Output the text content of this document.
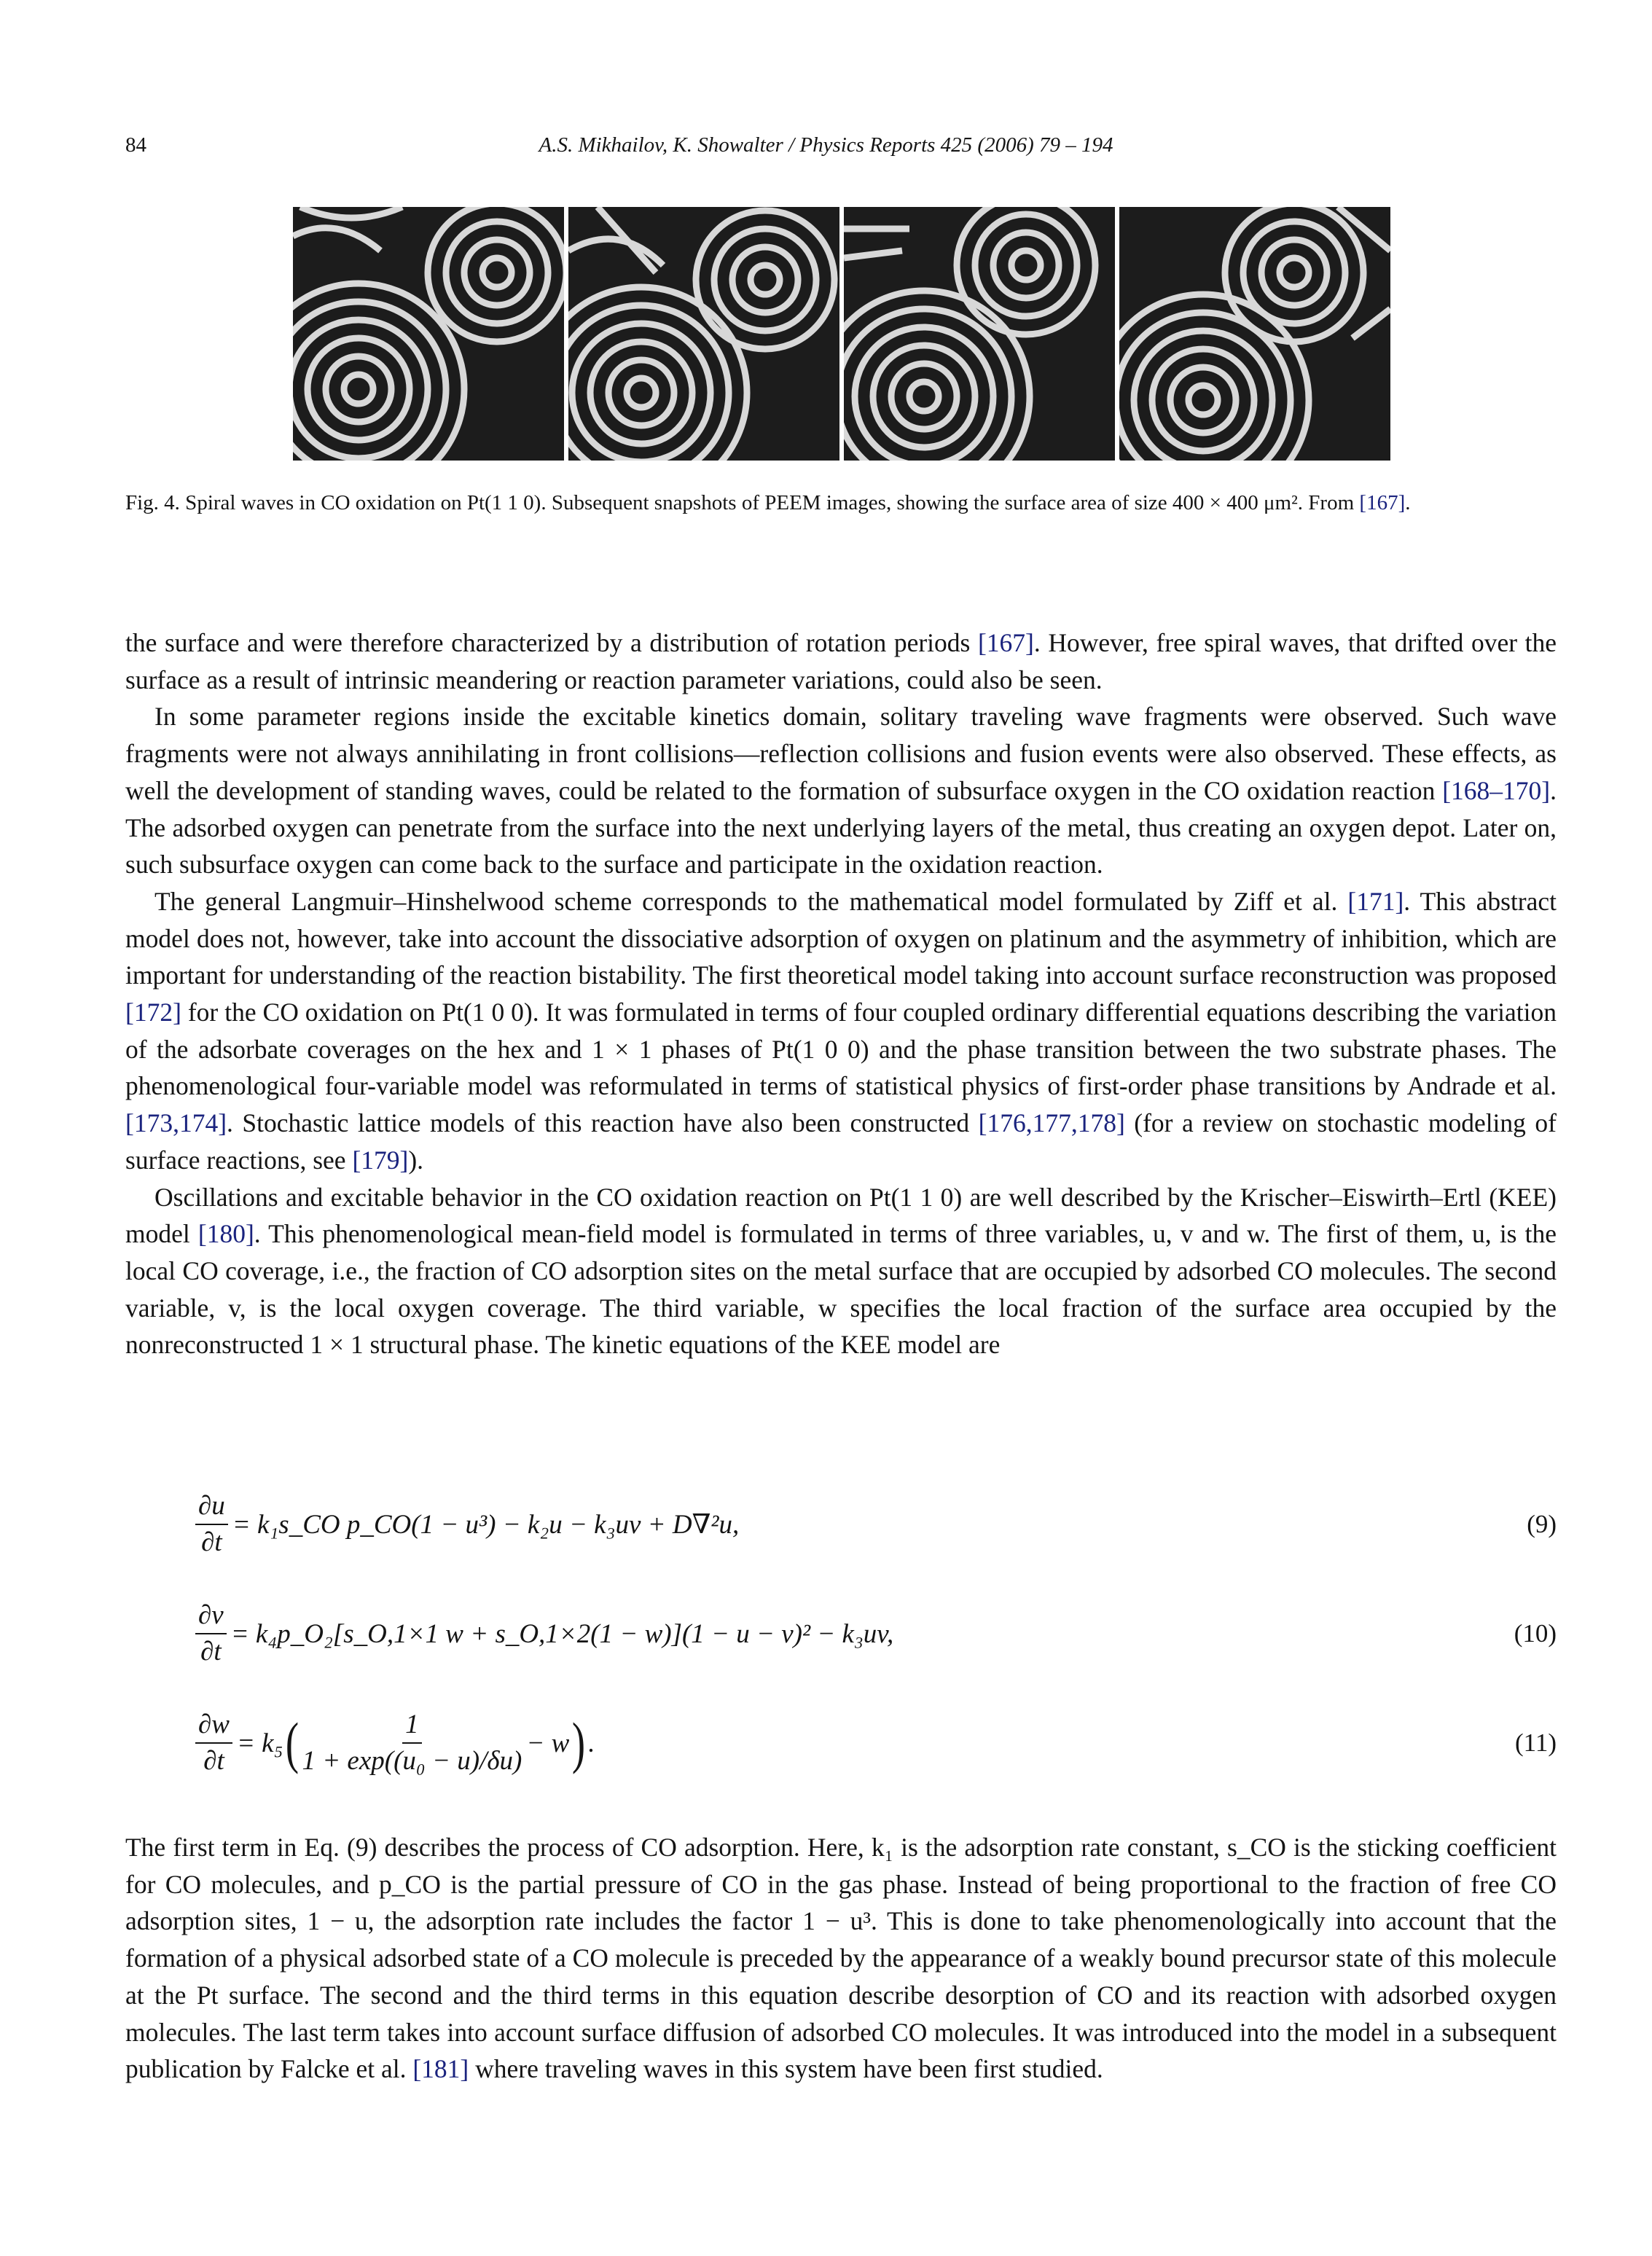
84	A.S. Mikhailov, K. Showalter / Physics Reports 425 (2006) 79 – 194
Fig. 4. Spiral waves in CO oxidation on Pt(1 1 0). Subsequent snapshots of PEEM images, showing the surface area of size 400 × 400 μm². From [167].

the surface and were therefore characterized by a distribution of rotation periods [167]. However, free spiral waves, that drifted over the surface as a result of intrinsic meandering or reaction parameter variations, could also be seen.

In some parameter regions inside the excitable kinetics domain, solitary traveling wave fragments were observed. Such wave fragments were not always annihilating in front collisions—reflection collisions and fusion events were also observed. These effects, as well the development of standing waves, could be related to the formation of subsurface oxygen in the CO oxidation reaction [168–170]. The adsorbed oxygen can penetrate from the surface into the next underlying layers of the metal, thus creating an oxygen depot. Later on, such subsurface oxygen can come back to the surface and participate in the oxidation reaction.

The general Langmuir–Hinshelwood scheme corresponds to the mathematical model formulated by Ziff et al. [171]. This abstract model does not, however, take into account the dissociative adsorption of oxygen on platinum and the asymmetry of inhibition, which are important for understanding of the reaction bistability. The first theoretical model taking into account surface reconstruction was proposed [172] for the CO oxidation on Pt(1 0 0). It was formulated in terms of four coupled ordinary differential equations describing the variation of the adsorbate coverages on the hex and 1 × 1 phases of Pt(1 0 0) and the phase transition between the two substrate phases. The phenomenological four-variable model was reformulated in terms of statistical physics of first-order phase transitions by Andrade et al. [173,174]. Stochastic lattice models of this reaction have also been constructed [176,177,178] (for a review on stochastic modeling of surface reactions, see [179]).

Oscillations and excitable behavior in the CO oxidation reaction on Pt(1 1 0) are well described by the Krischer–Eiswirth–Ertl (KEE) model [180]. This phenomenological mean-field model is formulated in terms of three variables, u, v and w. The first of them, u, is the local CO coverage, i.e., the fraction of CO adsorption sites on the metal surface that are occupied by adsorbed CO molecules. The second variable, v, is the local oxygen coverage. The third variable, w specifies the local fraction of the surface area occupied by the nonreconstructed 1 × 1 structural phase. The kinetic equations of the KEE model are

$\frac{\partial u}{\partial t}$ = k₁s_CO p_CO(1 − u³) − k₂u − k₃uv + D∇²u,	(9)
$\frac{\partial v}{\partial t}$ = k₄p_O₂[s_O,1×1 w + s_O,1×2(1 − w)](1 − u − v)² − k₃uv,	(10)
$\frac{\partial w}{\partial t} = k_5$ ( $\frac{1}{\text{1 + exp((u₀ − u)/δu)}} - w$ ) .	(11)

The first term in Eq. (9) describes the process of CO adsorption. Here, k₁ is the adsorption rate constant, s_CO is the sticking coefficient for CO molecules, and p_CO is the partial pressure of CO in the gas phase. Instead of being proportional to the fraction of free CO adsorption sites, 1 − u, the adsorption rate includes the factor 1 − u³. This is done to take phenomenologically into account that the formation of a physical adsorbed state of a CO molecule is preceded by the appearance of a weakly bound precursor state of this molecule at the Pt surface. The second and the third terms in this equation describe desorption of CO and its reaction with adsorbed oxygen molecules. The last term takes into account surface diffusion of adsorbed CO molecules. It was introduced into the model in a subsequent publication by Falcke et al. [181] where traveling waves in this system have been first studied.
